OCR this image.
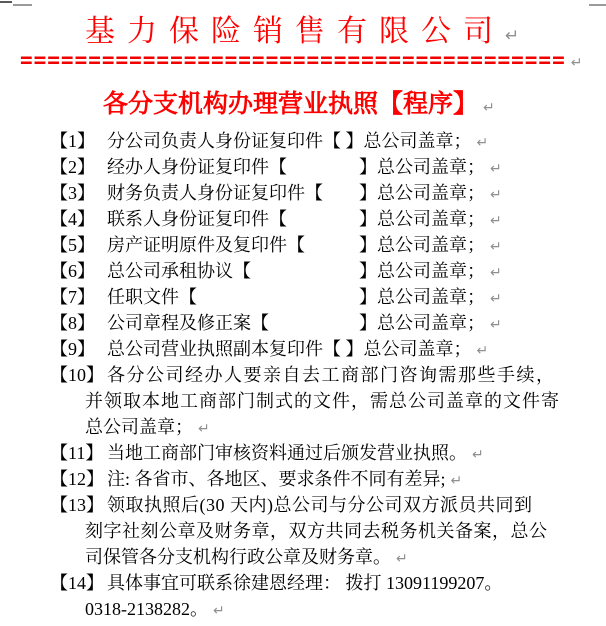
基力保险销售有限公司↵
======================================== ↵
各分支机构办理营业执照【程序】 ↵
【1】 分公司负责人身份证复印件【 】总公司盖章； ↵
【2】 经办人身份证复印件【　　　　】总公司盖章； ↵
【3】 财务负责人身份证复印件【　　】总公司盖章； ↵
【4】 联系人身份证复印件【　　　　】总公司盖章； ↵
【5】 房产证明原件及复印件【　　　】总公司盖章； ↵
【6】 总公司承租协议【　　　　　　】总公司盖章； ↵
【7】 任职文件【　　　　　　　　　】总公司盖章； ↵
【8】 公司章程及修正案【　　　　　】总公司盖章； ↵
【9】 总公司营业执照副本复印件【 】总公司盖章； ↵
【10】 各分公司经办人要亲自去工商部门咨询需那些手续，
并领取本地工商部门制式的文件，需总公司盖章的文件寄
总公司盖章； ↵
【11】 当地工商部门审核资料通过后颁发营业执照。 ↵
【12】 注: 各省市、各地区、要求条件不同有差异; ↵
【13】 领取执照后(30 天内)总公司与分公司双方派员共同到
刻字社刻公章及财务章，双方共同去税务机关备案，总公
司保管各分支机构行政公章及财务章。 ↵
【14】 具体事宜可联系徐建恩经理： 拨打 13091199207。
0318-2138282。 ↵
